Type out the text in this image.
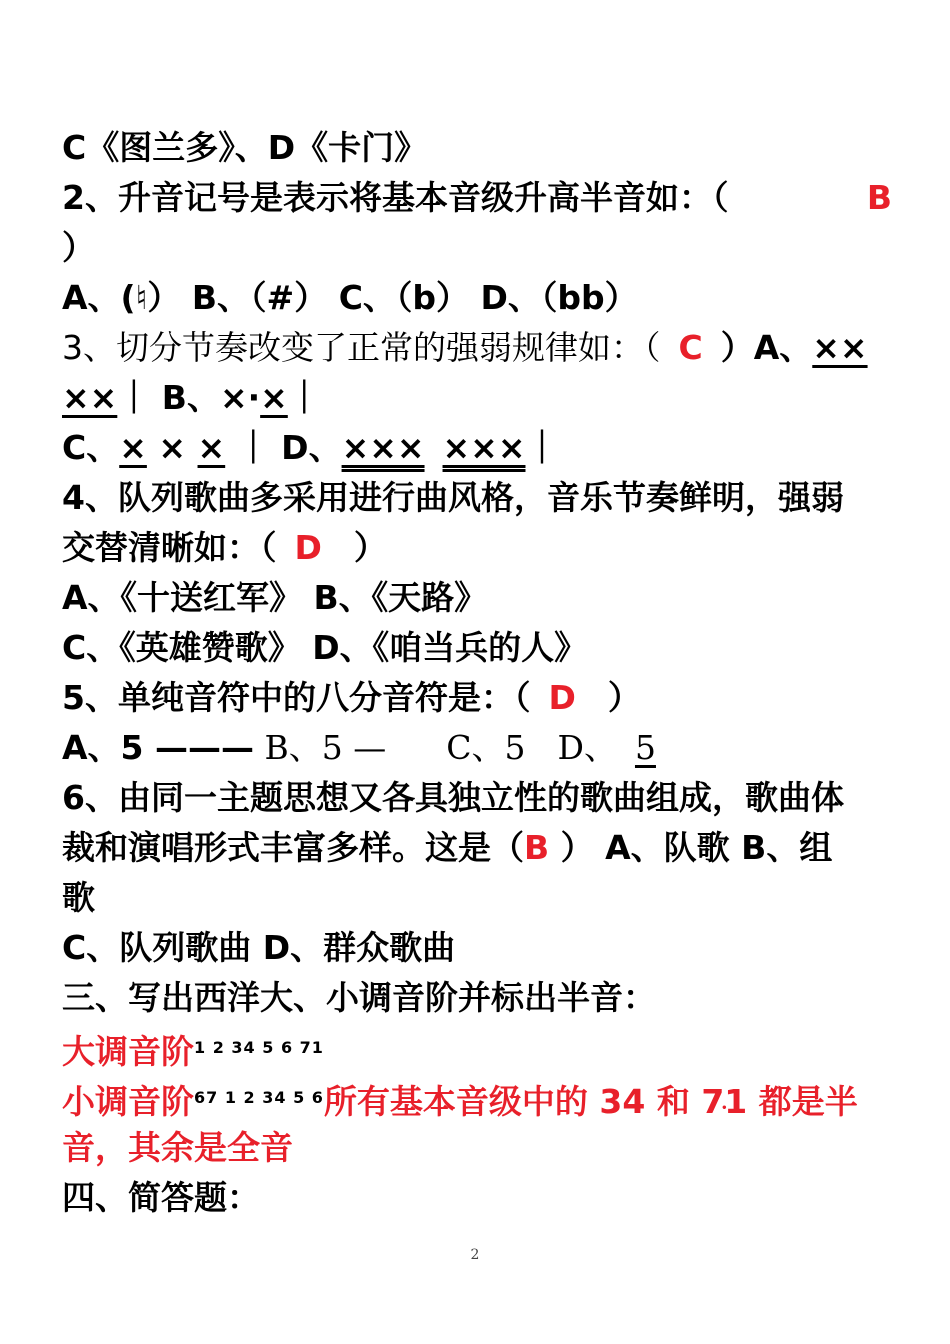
C《图兰多》、D《卡门》
2、升音记号是表示将基本音级升高半音如：（	B
）
A、(♮） B、（#） C、（b） D、（bb）
3、切分节奏改变了正常的强弱规律如：（ C ）A、××
××｜ B、×·×｜
C、× × × ｜ D、××× ×××｜
4、队列歌曲多采用进行曲风格，音乐节奏鲜明，强弱
交替清晰如：（ D ）
A、《十送红军》 B、《天路》
C、《英雄赞歌》 D、《咱当兵的人》
5、单纯音符中的八分音符是：（ D ）
A、5 ——— B、5 — C、5 D、 5
6、由同一主题思想又各具独立性的歌曲组成，歌曲体
裁和演唱形式丰富多样。这是（B ） A、队歌 B、组
歌
C、队列歌曲 D、群众歌曲
三、写出西洋大、小调音阶并标出半音：
大调音阶$^{1 2 34 5 6 71}$
小调音阶$^{67 1 2 34 5 6}$所有基本音级中的 34 和 71 • 都是半
音，其余是全音
四、简答题：
2
